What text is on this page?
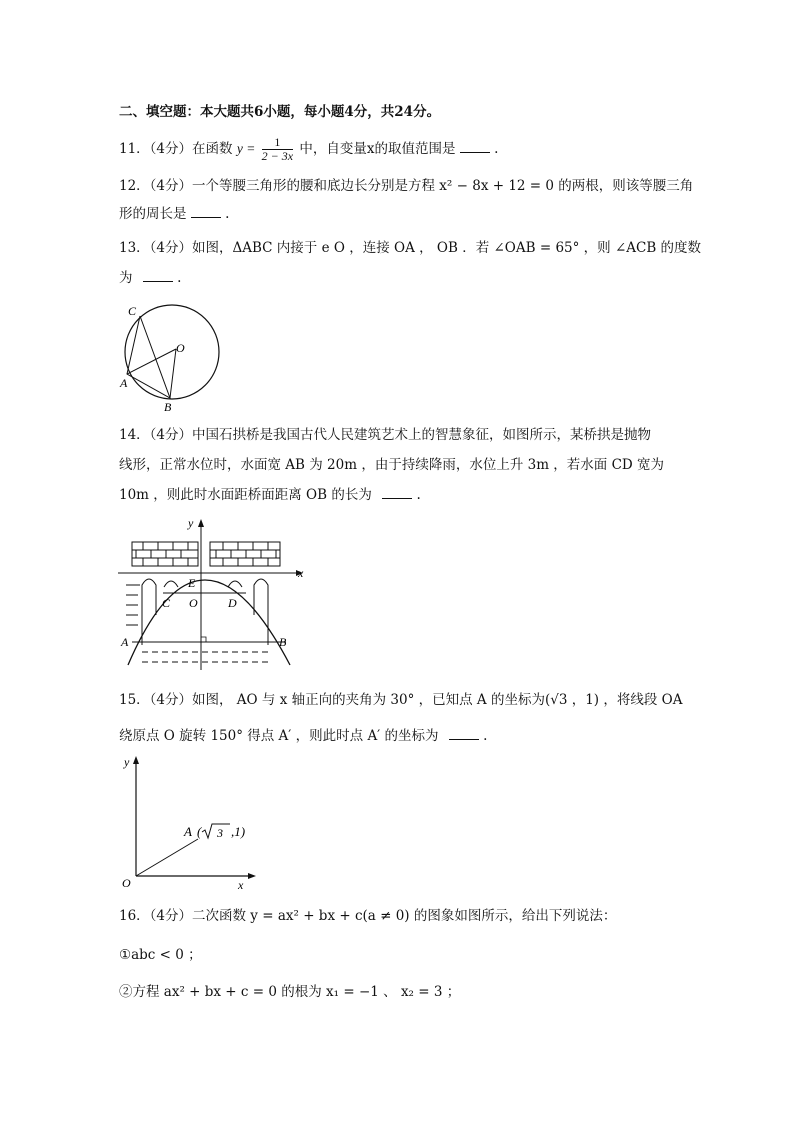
二、填空题：本大题共6小题，每小题4分，共24分。
11．（4分）在函数 $y = \frac{1}{2 - 3x}$ 中，自变量x的取值范围是	.
12．（4分）一个等腰三角形的腰和底边长分别是方程 x² − 8x + 12 = 0 的两根，则该等腰三角
形的周长是	.
13．（4分）如图，ΔABC 内接于 e O ，连接 OA ， OB ．若 ∠OAB = 65° ，则 ∠ACB 的度数
为	.
C
O
A
B
14．（4分）中国石拱桥是我国古代人民建筑艺术上的智慧象征，如图所示，某桥拱是抛物
线形，正常水位时，水面宽 AB 为 20m ，由于持续降雨，水位上升 3m ，若水面 CD 宽为
10m ，则此时水面距桥面距离 OB 的长为	.
y
x
E
C O	D
A	B
15．（4分）如图， AO 与 x 轴正向的夹角为 30° ，已知点 A 的坐标为(√3 ，1) ，将线段 OA
绕原点 O 旋转 150° 得点 A′ ，则此时点 A′ 的坐标为	.
y
O	x
A ( 3 ,1)
16．（4分）二次函数 y = ax² + bx + c(a ≠ 0) 的图象如图所示，给出下列说法：
①abc < 0 ；
②方程 ax² + bx + c = 0 的根为 x₁ = −1 、 x₂ = 3 ；
